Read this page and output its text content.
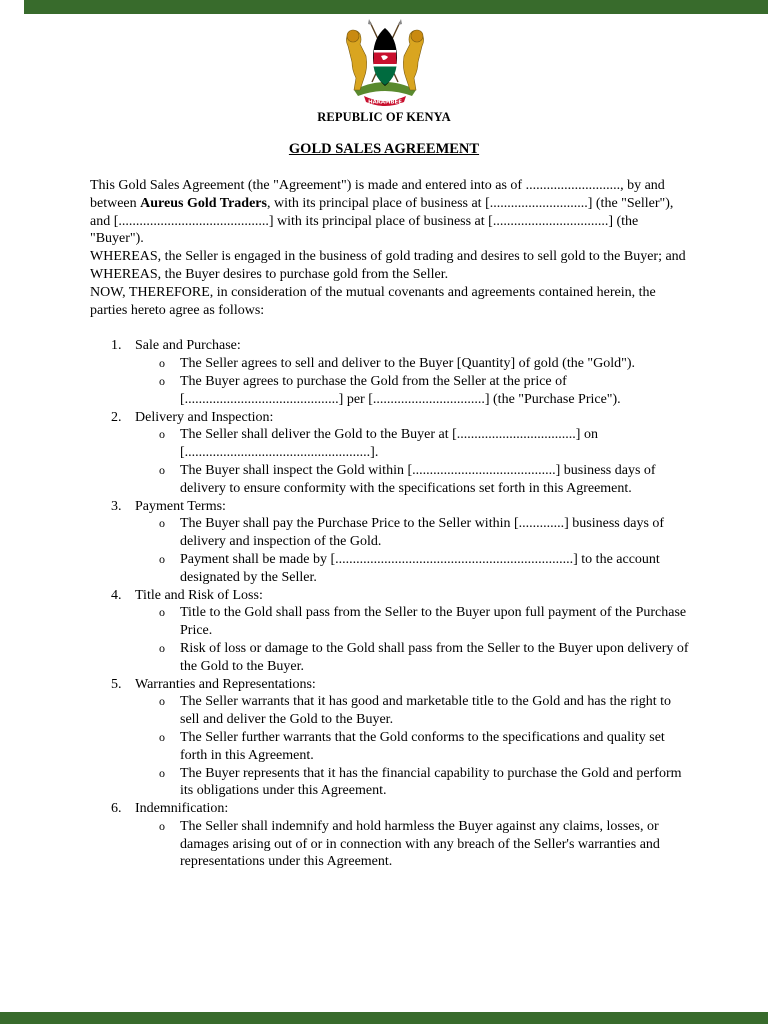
HARAMBEE
REPUBLIC OF KENYA
GOLD SALES AGREEMENT

This Gold Sales Agreement (the "Agreement") is made and entered into as of ..........................., by and between Aureus Gold Traders, with its principal place of business at [............................] (the "Seller"), and [...........................................] with its principal place of business at [.................................] (the "Buyer").

WHEREAS, the Seller is engaged in the business of gold trading and desires to sell gold to the Buyer; and

WHEREAS, the Buyer desires to purchase gold from the Seller.

NOW, THEREFORE, in consideration of the mutual covenants and agreements contained herein, the parties hereto agree as follows:

1. Sale and Purchase:
o The Seller agrees to sell and deliver to the Buyer [Quantity] of gold (the "Gold").
o The Buyer agrees to purchase the Gold from the Seller at the price of [............................................] per [................................] (the "Purchase Price").
2. Delivery and Inspection:
o The Seller shall deliver the Gold to the Buyer at [..................................] on [.....................................................].
o The Buyer shall inspect the Gold within [.........................................] business days of delivery to ensure conformity with the specifications set forth in this Agreement.
3. Payment Terms:
o The Buyer shall pay the Purchase Price to the Seller within [.............] business days of delivery and inspection of the Gold.
o Payment shall be made by [....................................................................] to the account designated by the Seller.
4. Title and Risk of Loss:
o Title to the Gold shall pass from the Seller to the Buyer upon full payment of the Purchase Price.
o Risk of loss or damage to the Gold shall pass from the Seller to the Buyer upon delivery of the Gold to the Buyer.
5. Warranties and Representations:
o The Seller warrants that it has good and marketable title to the Gold and has the right to sell and deliver the Gold to the Buyer.
o The Seller further warrants that the Gold conforms to the specifications and quality set forth in this Agreement.
o The Buyer represents that it has the financial capability to purchase the Gold and perform its obligations under this Agreement.
6. Indemnification:
o The Seller shall indemnify and hold harmless the Buyer against any claims, losses, or damages arising out of or in connection with any breach of the Seller's warranties and representations under this Agreement.
